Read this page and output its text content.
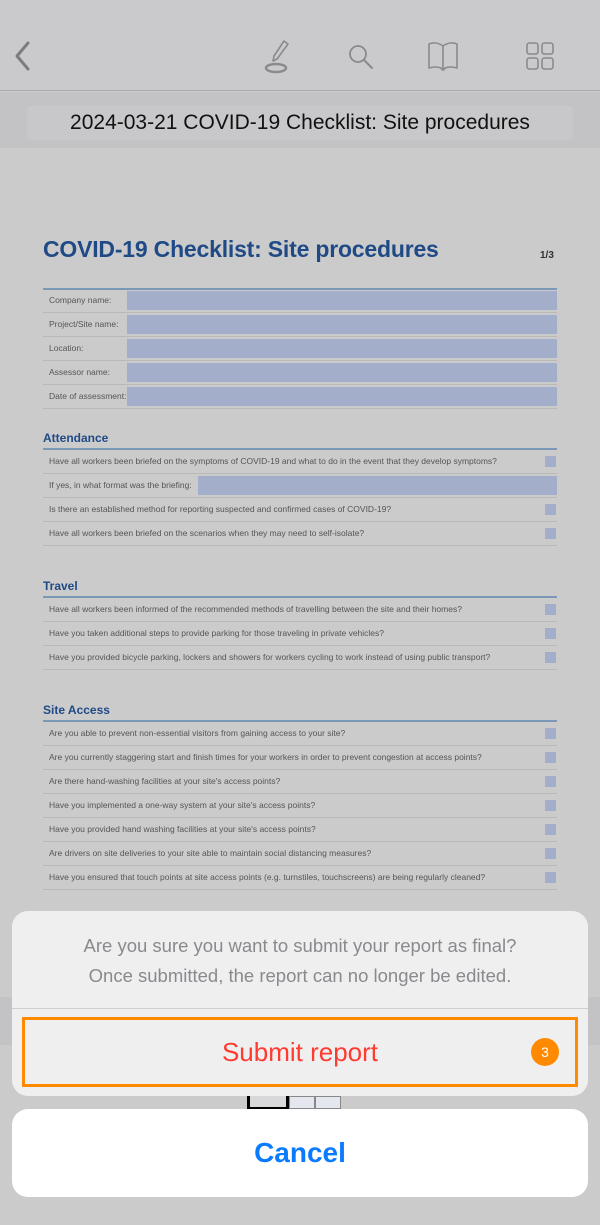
2024-03-21 COVID-19 Checklist: Site procedures
COVID-19 Checklist: Site procedures	1/3
Company name:
Project/Site name:
Location:
Assessor name:
Date of assessment:
Attendance
Have all workers been briefed on the symptoms of COVID-19 and what to do in the event that they develop symptoms?
If yes, in what format was the briefing:
Is there an established method for reporting suspected and confirmed cases of COVID-19?
Have all workers been briefed on the scenarios when they may need to self-isolate?
Travel
Have all workers been informed of the recommended methods of travelling between the site and their homes?
Have you taken additional steps to provide parking for those traveling in private vehicles?
Have you provided bicycle parking, lockers and showers for workers cycling to work instead of using public transport?
Site Access
Are you able to prevent non-essential visitors from gaining access to your site?
Are you currently staggering start and finish times for your workers in order to prevent congestion at access points?
Are there hand-washing facilities at your site's access points?
Have you implemented a one-way system at your site's access points?
Have you provided hand washing facilities at your site's access points?
Are drivers on site deliveries to your site able to maintain social distancing measures?
Have you ensured that touch points at site access points (e.g. turnstiles, touchscreens) are being regularly cleaned?
Are you sure you want to submit your report as final?
Once submitted, the report can no longer be edited.
Submit report	3
Cancel
